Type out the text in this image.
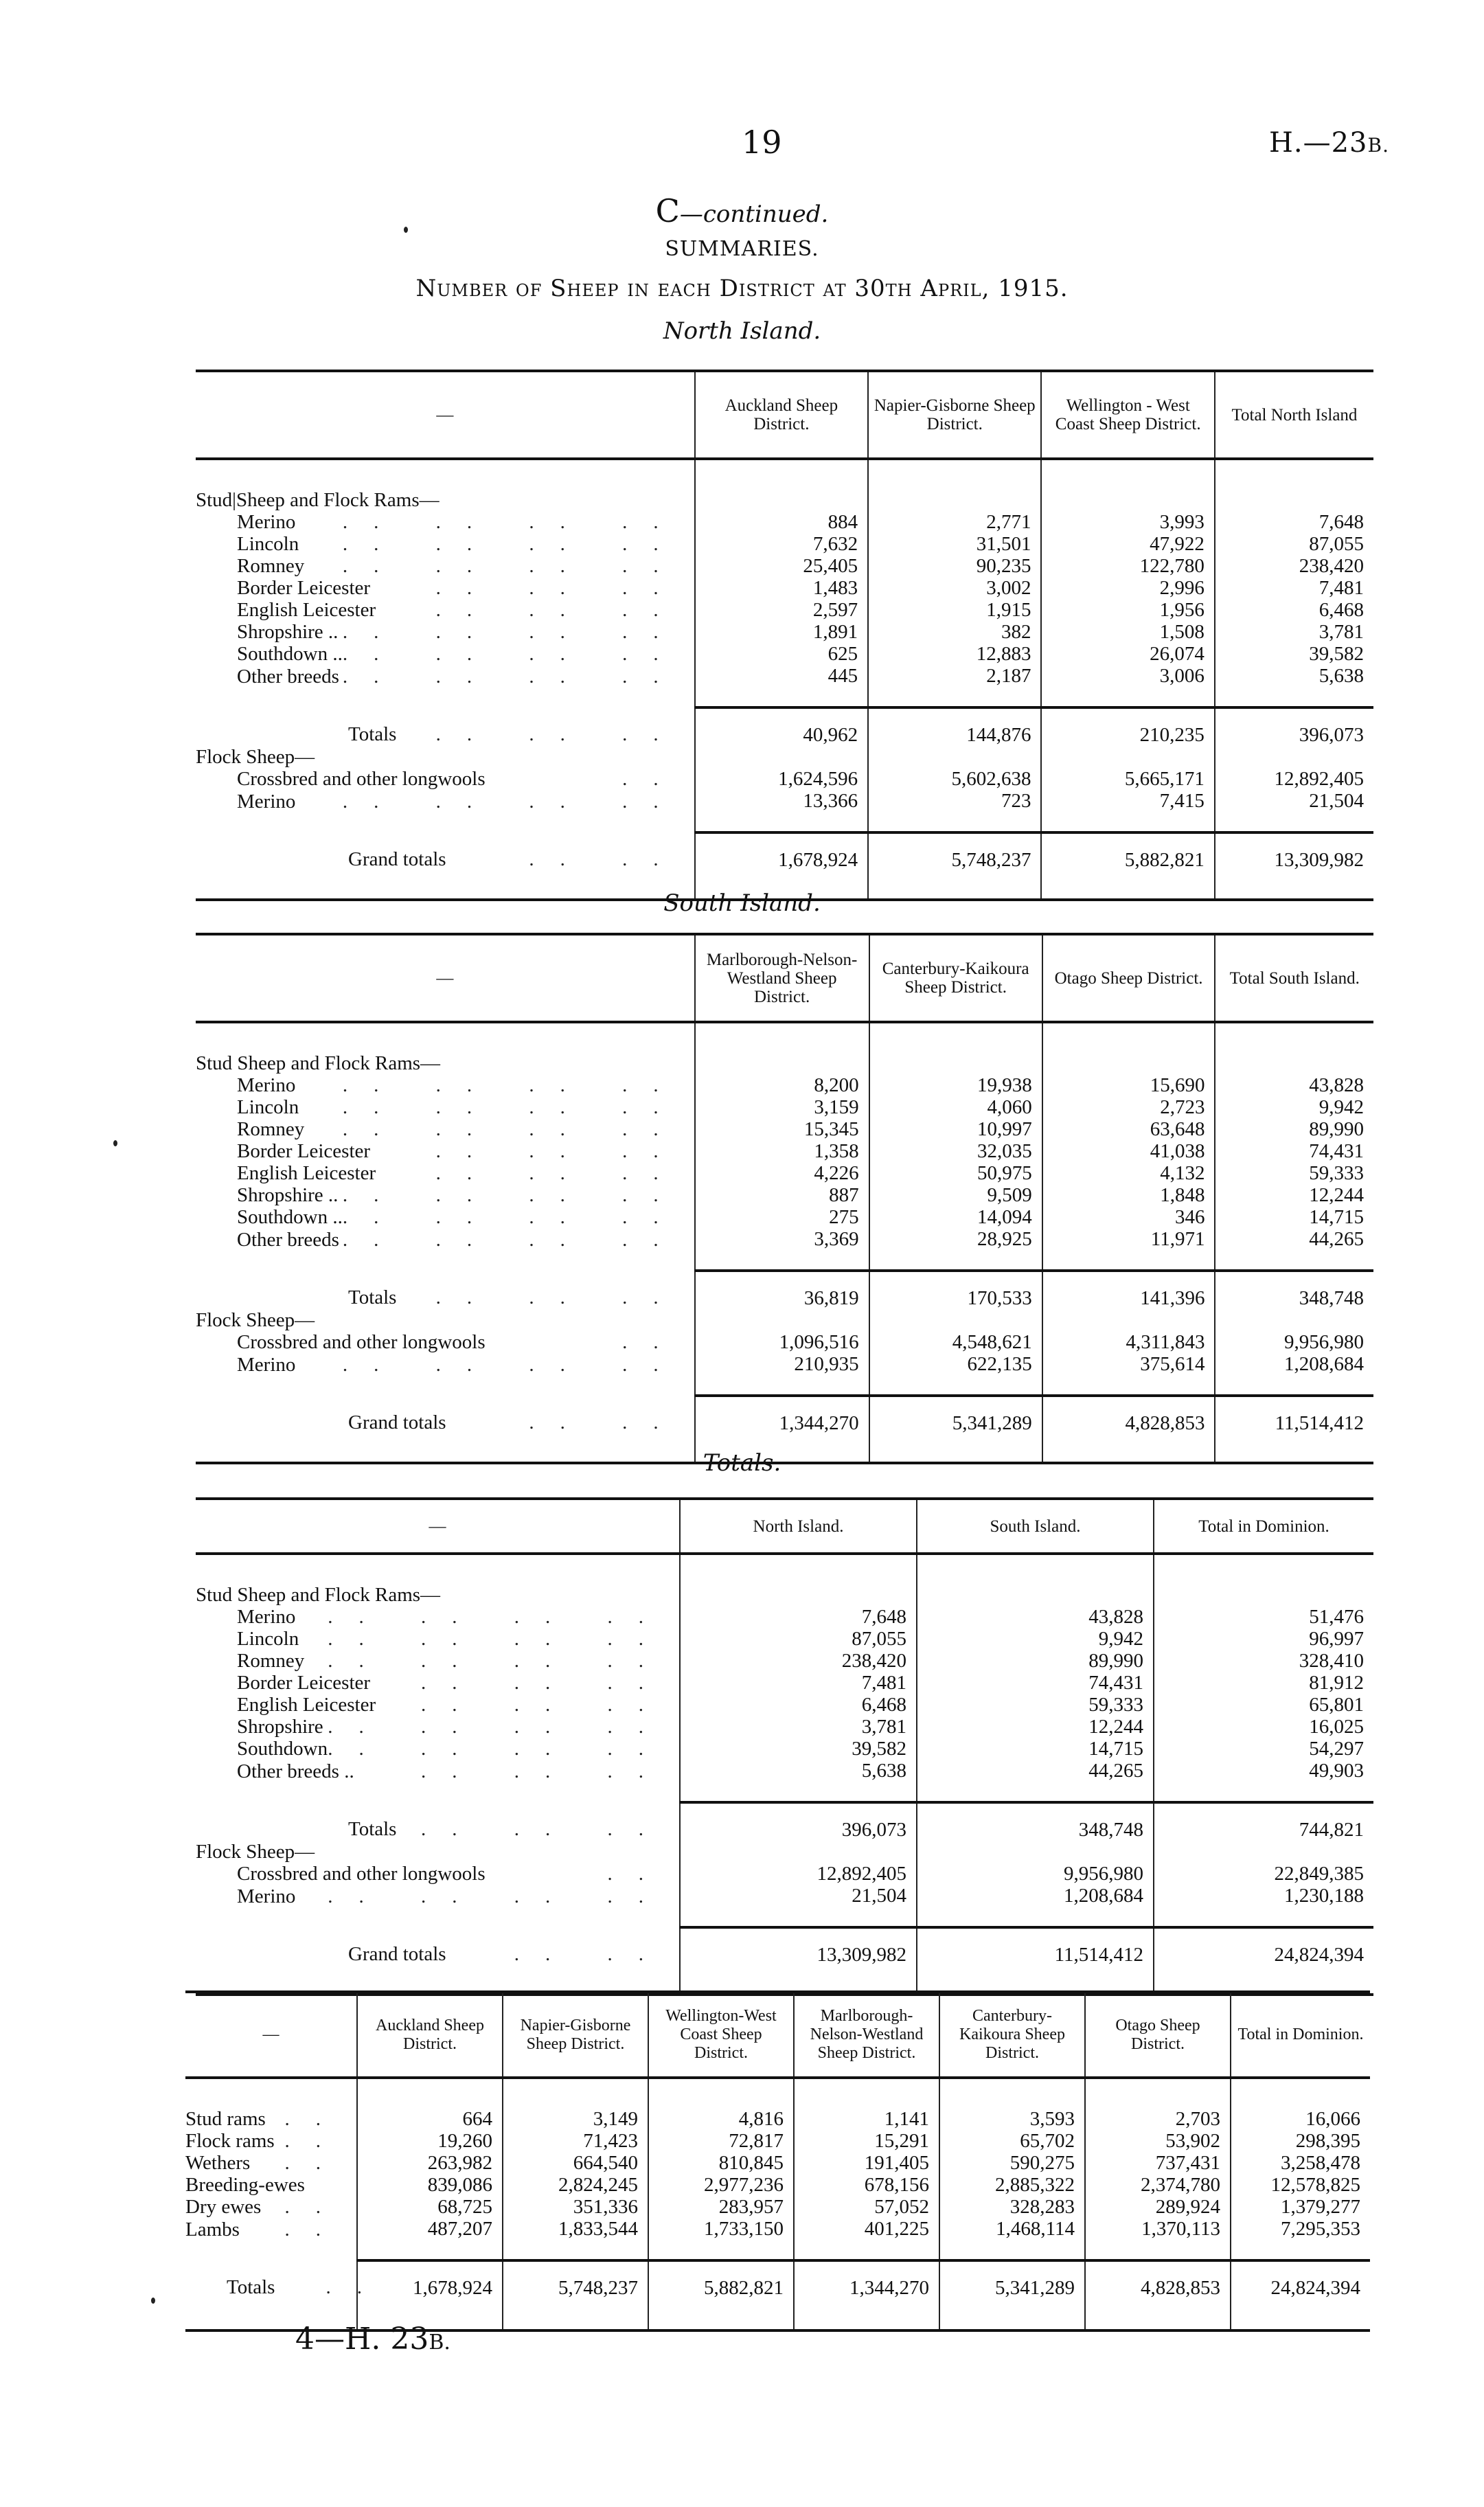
19	H.—23B.
C—continued.
SUMMARIES.
Number of Sheep in each District at 30th April, 1915.
North Island.
—	Auckland Sheep District.	Napier-Gisborne Sheep District.	Wellington - West Coast Sheep District.	Total North Island

Stud|Sheep and Flock Rams—				

Merino .. .. .. ..	884	2,771	3,993	7,648

Lincoln .. .. .. ..	7,632	31,501	47,922	87,055

Romney .. .. .. ..	25,405	90,235	122,780	238,420

Border Leicester .. .. ..	1,483	3,002	2,996	7,481

English Leicester .. .. ..	2,597	1,915	1,956	6,468

Shropshire .. .. .. .. ..	1,891	382	1,508	3,781

Southdown .. .. .. .. ..	625	12,883	26,074	39,582

Other breeds .. .. .. ..	445	2,187	3,006	5,638

Totals .. .. ..	40,962	144,876	210,235	396,073

Flock Sheep—				

Crossbred and other longwools ..	1,624,596	5,602,638	5,665,171	12,892,405

Merino .. .. .. ..	13,366	723	7,415	21,504

Grand totals .. ..	1,678,924	5,748,237	5,882,821	13,309,982
South Island.
—	Marlborough-Nelson-Westland Sheep District.	Canterbury-Kaikoura Sheep District.	Otago Sheep District.	Total South Island.

Stud Sheep and Flock Rams—				

Merino .. .. .. ..	8,200	19,938	15,690	43,828

Lincoln .. .. .. ..	3,159	4,060	2,723	9,942

Romney .. .. .. ..	15,345	10,997	63,648	89,990

Border Leicester .. .. ..	1,358	32,035	41,038	74,431

English Leicester .. .. ..	4,226	50,975	4,132	59,333

Shropshire .. .. .. .. ..	887	9,509	1,848	12,244

Southdown .. .. .. .. ..	275	14,094	346	14,715

Other breeds .. .. .. ..	3,369	28,925	11,971	44,265

Totals .. .. ..	36,819	170,533	141,396	348,748

Flock Sheep—				

Crossbred and other longwools ..	1,096,516	4,548,621	4,311,843	9,956,980

Merino .. .. .. ..	210,935	622,135	375,614	1,208,684

Grand totals .. ..	1,344,270	5,341,289	4,828,853	11,514,412
Totals.
—	North Island.	South Island.	Total in Dominion.

Stud Sheep and Flock Rams—			

Merino .. .. .. ..	7,648	43,828	51,476

Lincoln .. .. .. ..	87,055	9,942	96,997

Romney .. .. .. ..	238,420	89,990	328,410

Border Leicester .. .. ..	7,481	74,431	81,912

English Leicester .. .. ..	6,468	59,333	65,801

Shropshire .. .. .. ..	3,781	12,244	16,025

Southdown .. .. .. ..	39,582	14,715	54,297

Other breeds .. .. .. ..	5,638	44,265	49,903

Totals .. .. ..	396,073	348,748	744,821

Flock Sheep—			

Crossbred and other longwools ..	12,892,405	9,956,980	22,849,385

Merino .. .. .. ..	21,504	1,208,684	1,230,188

Grand totals .. ..	13,309,982	11,514,412	24,824,394
—	Auckland Sheep District.	Napier-Gisborne Sheep District.	Wellington-West Coast Sheep District.	Marlborough-Nelson-Westland Sheep District.	Canterbury-Kaikoura Sheep District.	Otago Sheep District.	Total in Dominion.

Stud rams ..	664	3,149	4,816	1,141	3,593	2,703	16,066

Flock rams ..	19,260	71,423	72,817	15,291	65,702	53,902	298,395

Wethers ..	263,982	664,540	810,845	191,405	590,275	737,431	3,258,478

Breeding-ewes	839,086	2,824,245	2,977,236	678,156	2,885,322	2,374,780	12,578,825

Dry ewes ..	68,725	351,336	283,957	57,052	328,283	289,924	1,379,277

Lambs ..	487,207	1,833,544	1,733,150	401,225	1,468,114	1,370,113	7,295,353

Totals ..	1,678,924	5,748,237	5,882,821	1,344,270	5,341,289	4,828,853	24,824,394
4—H. 23B.
